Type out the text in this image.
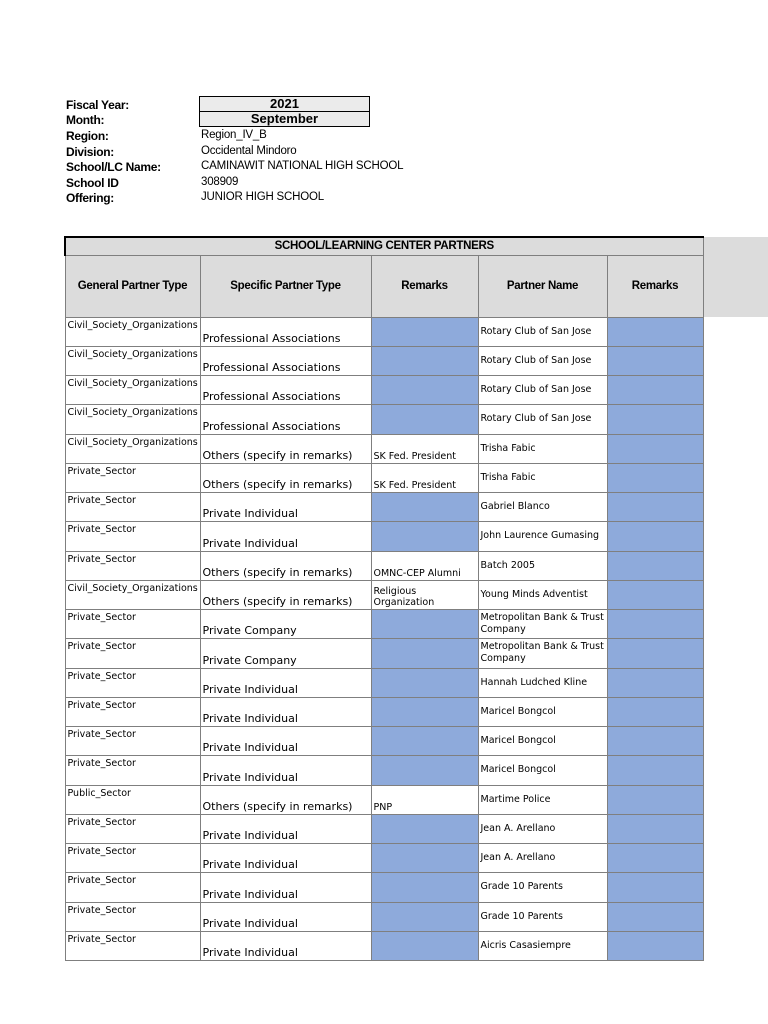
Fiscal Year:	2021
Month:	September
Region:	Region_IV_B
Division:	Occidental Mindoro
School/LC Name:	CAMINAWIT NATIONAL HIGH SCHOOL
School ID	308909
Offering:	JUNIOR HIGH SCHOOL
SCHOOL/LEARNING CENTER PARTNERS				
General Partner Type	Specific Partner Type	Remarks	Partner Name	Remarks
Civil_Society_Organizations	Professional Associations		Rotary Club of San Jose	
Civil_Society_Organizations	Professional Associations		Rotary Club of San Jose	
Civil_Society_Organizations	Professional Associations		Rotary Club of San Jose	
Civil_Society_Organizations	Professional Associations		Rotary Club of San Jose	
Civil_Society_Organizations	Others (specify in remarks)	SK Fed. President	Trisha Fabic	
Private_Sector	Others (specify in remarks)	SK Fed. President	Trisha Fabic	
Private_Sector	Private Individual		Gabriel Blanco	
Private_Sector	Private Individual		John Laurence Gumasing	
Private_Sector	Others (specify in remarks)	OMNC-CEP Alumni	Batch 2005	
Civil_Society_Organizations	Others (specify in remarks)	Religious Organization	Young Minds Adventist	
Private_Sector	Private Company		Metropolitan Bank & Trust Company	
Private_Sector	Private Company		Metropolitan Bank & Trust Company	
Private_Sector	Private Individual		Hannah Ludched Kline	
Private_Sector	Private Individual		Maricel Bongcol	
Private_Sector	Private Individual		Maricel Bongcol	
Private_Sector	Private Individual		Maricel Bongcol	
Public_Sector	Others (specify in remarks)	PNP	Martime Police	
Private_Sector	Private Individual		Jean A. Arellano	
Private_Sector	Private Individual		Jean A. Arellano	
Private_Sector	Private Individual		Grade 10 Parents	
Private_Sector	Private Individual		Grade 10 Parents	
Private_Sector	Private Individual		Aicris Casasiempre	
